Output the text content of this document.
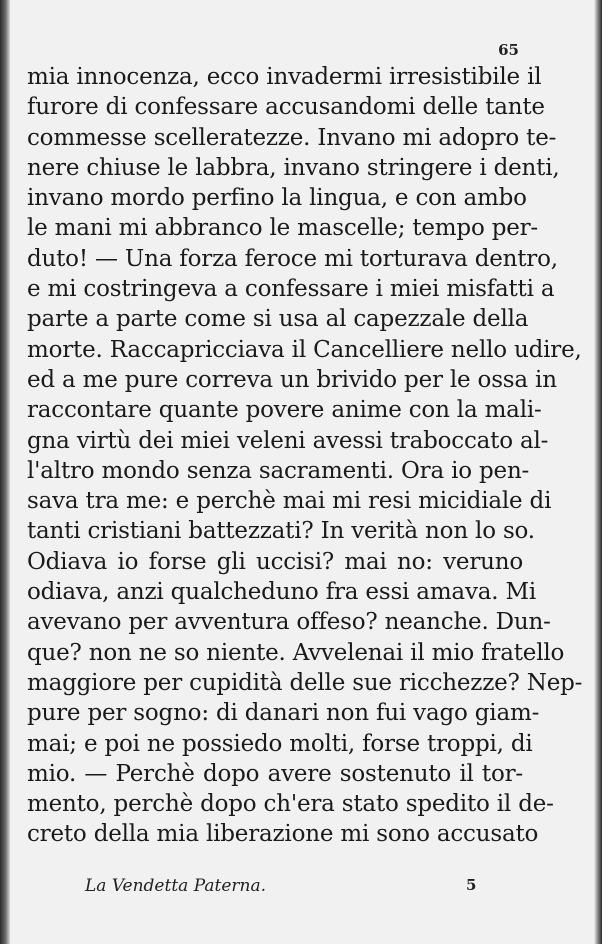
65
mia innocenza, ecco invadermi irresistibile il
furore di confessare accusandomi delle tante
commesse scelleratezze. Invano mi adopro te-
nere chiuse le labbra, invano stringere i denti,
invano mordo perfino la lingua, e con ambo
le mani mi abbranco le mascelle; tempo per-
duto! — Una forza feroce mi torturava dentro,
e mi costringeva a confessare i miei misfatti a
parte a parte come si usa al capezzale della
morte. Raccapricciava il Cancelliere nello udire,
ed a me pure correva un brivido per le ossa in
raccontare quante povere anime con la mali-
gna virtù dei miei veleni avessi traboccato al-
l'altro mondo senza sacramenti. Ora io pen-
sava tra me: e perchè mai mi resi micidiale di
tanti cristiani battezzati? In verità non lo so.
Odiava io forse gli uccisi? mai no: veruno
odiava, anzi qualcheduno fra essi amava. Mi
avevano per avventura offeso? neanche. Dun-
que? non ne so niente. Avvelenai il mio fratello
maggiore per cupidità delle sue ricchezze? Nep-
pure per sogno: di danari non fui vago giam-
mai; e poi ne possiedo molti, forse troppi, di
mio. — Perchè dopo avere sostenuto il tor-
mento, perchè dopo ch'era stato spedito il de-
creto della mia liberazione mi sono accusato
La Vendetta Paterna.	5
